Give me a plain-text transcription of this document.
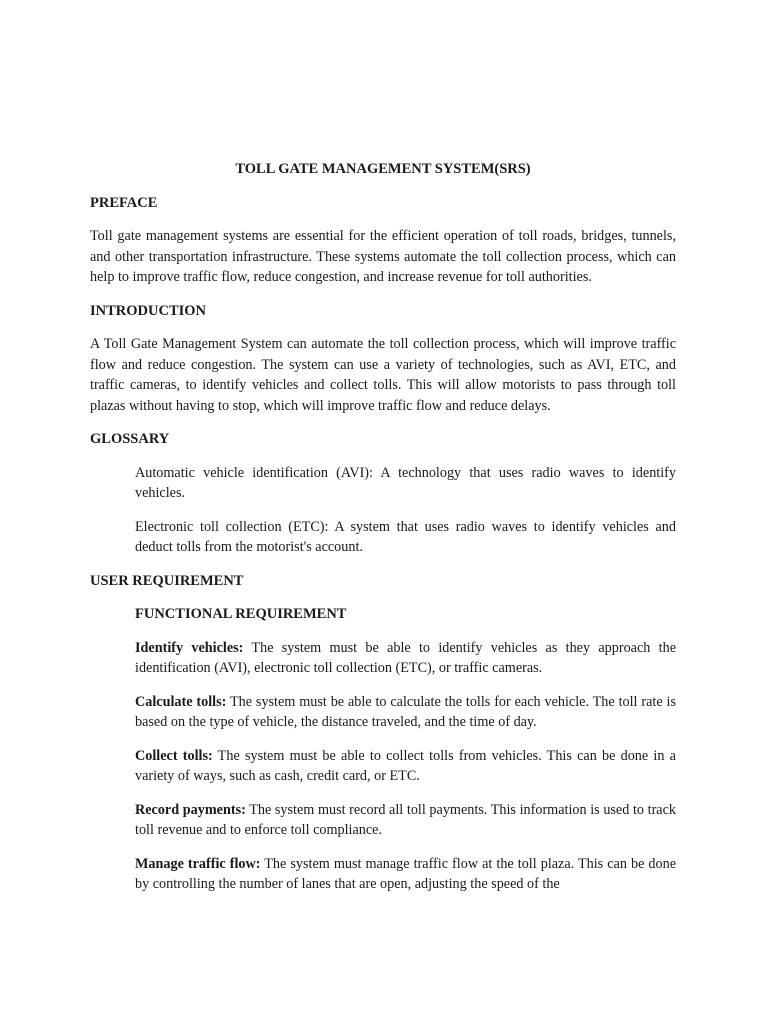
TOLL GATE MANAGEMENT SYSTEM(SRS)
PREFACE

Toll gate management systems are essential for the efficient operation of toll roads, bridges, tunnels, and other transportation infrastructure. These systems automate the toll collection process, which can help to improve traffic flow, reduce congestion, and increase revenue for toll authorities.

INTRODUCTION

A Toll Gate Management System can automate the toll collection process, which will improve traffic flow and reduce congestion. The system can use a variety of technologies, such as AVI, ETC, and traffic cameras, to identify vehicles and collect tolls. This will allow motorists to pass through toll plazas without having to stop, which will improve traffic flow and reduce delays.

GLOSSARY

Automatic vehicle identification (AVI): A technology that uses radio waves to identify vehicles.

Electronic toll collection (ETC): A system that uses radio waves to identify vehicles and deduct tolls from the motorist's account.

USER REQUIREMENT
FUNCTIONAL REQUIREMENT

Identify vehicles: The system must be able to identify vehicles as they approach the identification (AVI), electronic toll collection (ETC), or traffic cameras.

Calculate tolls: The system must be able to calculate the tolls for each vehicle. The toll rate is based on the type of vehicle, the distance traveled, and the time of day.

Collect tolls: The system must be able to collect tolls from vehicles. This can be done in a variety of ways, such as cash, credit card, or ETC.

Record payments: The system must record all toll payments. This information is used to track toll revenue and to enforce toll compliance.

Manage traffic flow: The system must manage traffic flow at the toll plaza. This can be done by controlling the number of lanes that are open, adjusting the speed of the
